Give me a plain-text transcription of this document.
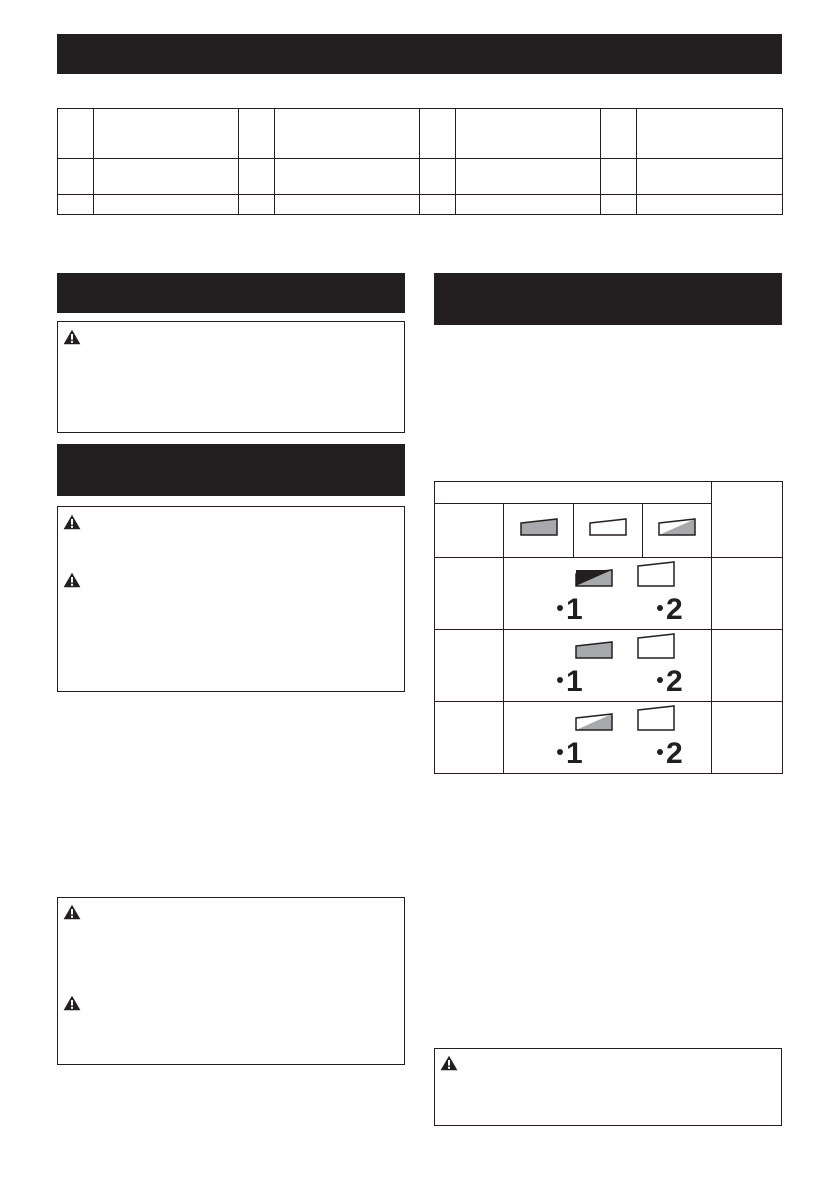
1 2			

1 2			

1 2			
